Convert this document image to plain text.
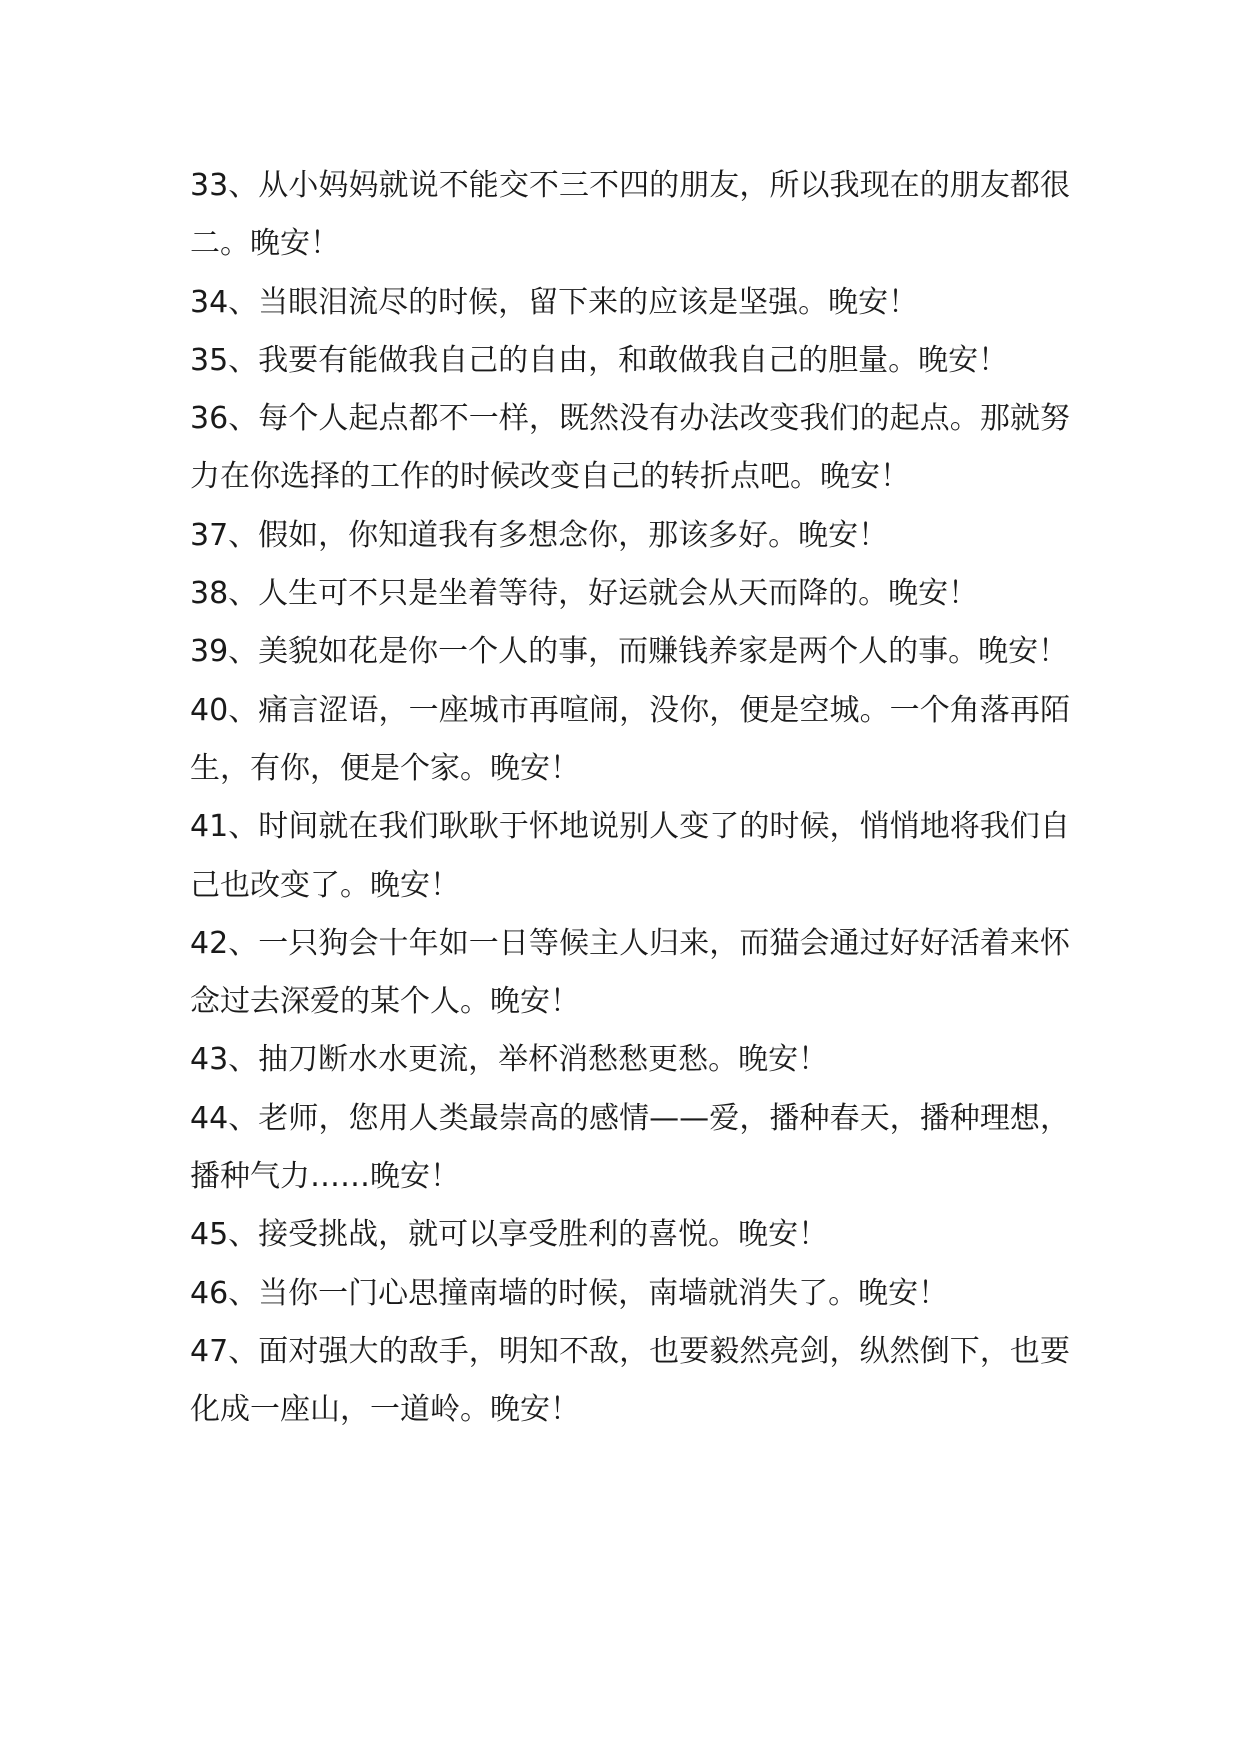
33、从小妈妈就说不能交不三不四的朋友，所以我现在的朋友都很二。晚安！

34、当眼泪流尽的时候，留下来的应该是坚强。晚安！

35、我要有能做我自己的自由，和敢做我自己的胆量。晚安！

36、每个人起点都不一样，既然没有办法改变我们的起点。那就努力在你选择的工作的时候改变自己的转折点吧。晚安！

37、假如，你知道我有多想念你，那该多好。晚安！

38、人生可不只是坐着等待，好运就会从天而降的。晚安！

39、美貌如花是你一个人的事，而赚钱养家是两个人的事。晚安！

40、痛言涩语，一座城市再喧闹，没你，便是空城。一个角落再陌生，有你，便是个家。晚安！

41、时间就在我们耿耿于怀地说别人变了的时候，悄悄地将我们自己也改变了。晚安！

42、一只狗会十年如一日等候主人归来，而猫会通过好好活着来怀念过去深爱的某个人。晚安！

43、抽刀断水水更流，举杯消愁愁更愁。晚安！

44、老师，您用人类最崇高的感情——爱，播种春天，播种理想，播种气力……晚安！

45、接受挑战，就可以享受胜利的喜悦。晚安！

46、当你一门心思撞南墙的时候，南墙就消失了。晚安！

47、面对强大的敌手，明知不敌，也要毅然亮剑，纵然倒下，也要化成一座山，一道岭。晚安！
